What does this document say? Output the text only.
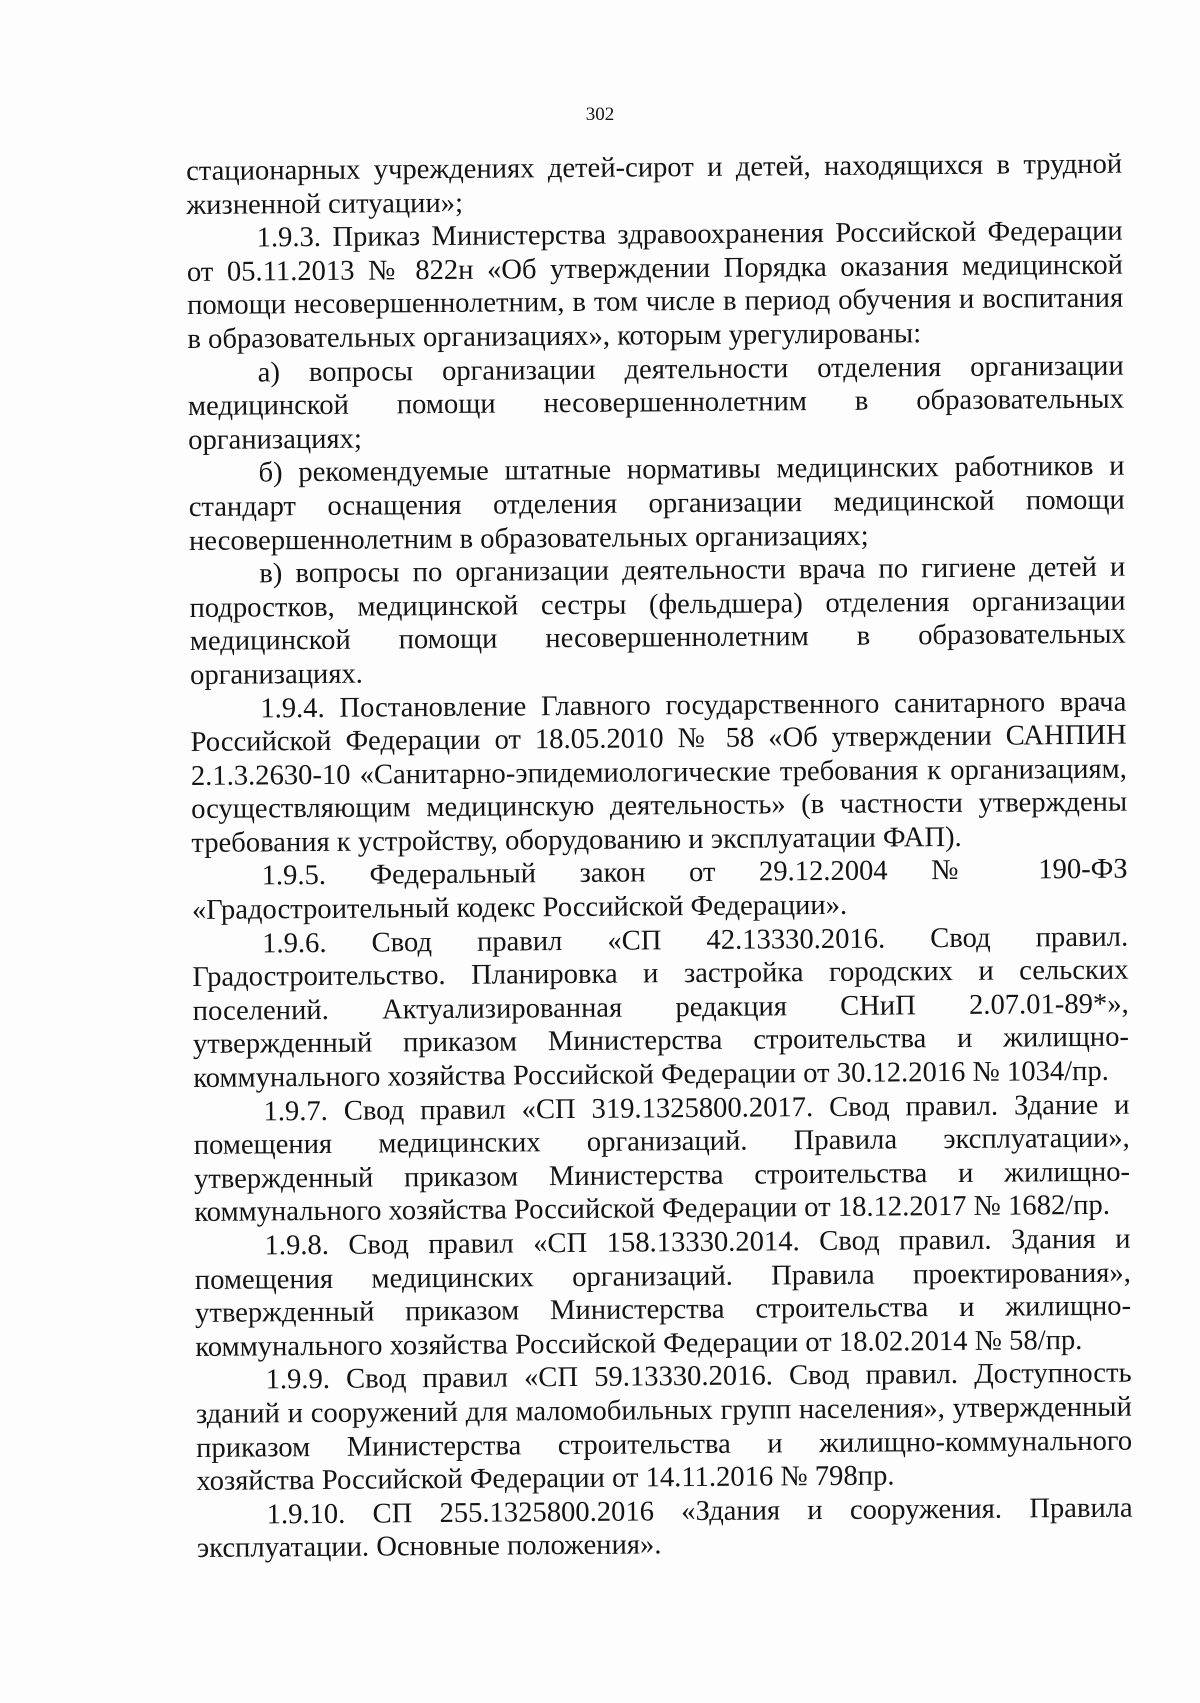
302

стационарных учреждениях детей-сирот и детей, находящихся в трудной жизненной ситуации»;

1.9.3. Приказ Министерства здравоохранения Российской Федерации от 05.11.2013 № 822н «Об утверждении Порядка оказания медицинской помощи несовершеннолетним, в том числе в период обучения и воспитания в образовательных организациях», которым урегулированы:

а) вопросы организации деятельности отделения организации медицинской помощи несовершеннолетним в образовательных организациях;

б) рекомендуемые штатные нормативы медицинских работников и стандарт оснащения отделения организации медицинской помощи несовершеннолетним в образовательных организациях;

в) вопросы по организации деятельности врача по гигиене детей и подростков, медицинской сестры (фельдшера) отделения организации медицинской помощи несовершеннолетним в образовательных организациях.

1.9.4. Постановление Главного государственного санитарного врача Российской Федерации от 18.05.2010 № 58 «Об утверждении САНПИН 2.1.3.2630-10 «Санитарно-эпидемиологические требования к организациям, осуществляющим медицинскую деятельность» (в частности утверждены требования к устройству, оборудованию и эксплуатации ФАП).

1.9.5. Федеральный закон от 29.12.2004 № 190-ФЗ «Градостроительный кодекс Российской Федерации».

1.9.6. Свод правил «СП 42.13330.2016. Свод правил. Градостроительство. Планировка и застройка городских и сельских поселений. Актуализированная редакция СНиП 2.07.01-89*», утвержденный приказом Министерства строительства и жилищно-коммунального хозяйства Российской Федерации от 30.12.2016 № 1034/пр.

1.9.7. Свод правил «СП 319.1325800.2017. Свод правил. Здание и помещения медицинских организаций. Правила эксплуатации», утвержденный приказом Министерства строительства и жилищно-коммунального хозяйства Российской Федерации от 18.12.2017 № 1682/пр.

1.9.8. Свод правил «СП 158.13330.2014. Свод правил. Здания и помещения медицинских организаций. Правила проектирования», утвержденный приказом Министерства строительства и жилищно-коммунального хозяйства Российской Федерации от 18.02.2014 № 58/пр.

1.9.9. Свод правил «СП 59.13330.2016. Свод правил. Доступность зданий и сооружений для маломобильных групп населения», утвержденный приказом Министерства строительства и жилищно-коммунального хозяйства Российской Федерации от 14.11.2016 № 798пр.

1.9.10. СП 255.1325800.2016 «Здания и сооружения. Правила эксплуатации. Основные положения».
